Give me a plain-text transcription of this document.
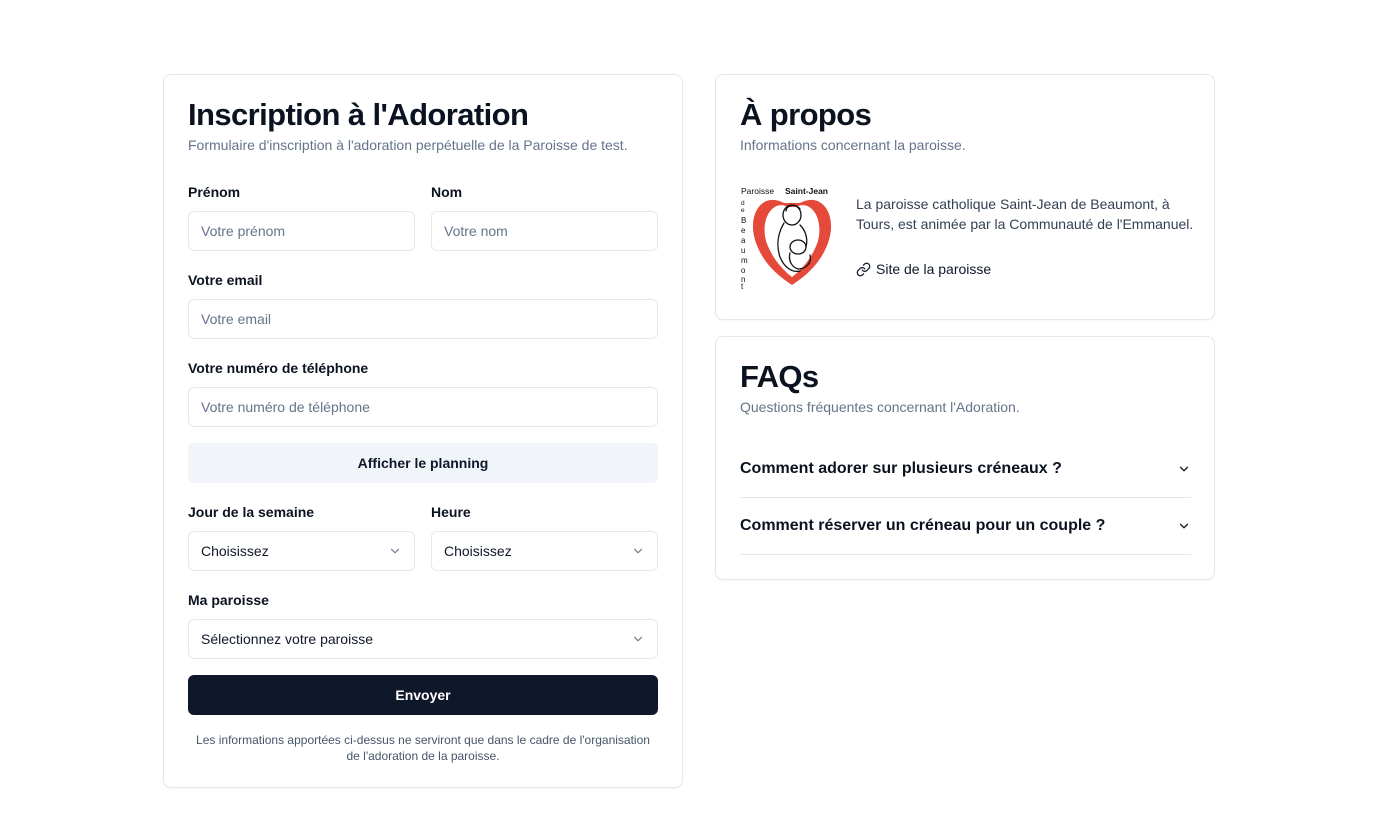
Inscription à l'Adoration
Formulaire d'inscription à l'adoration perpétuelle de la Paroisse de test.
Prénom
Votre prénom	Nom
Votre nom
Votre email
Votre email
Votre numéro de téléphone
Votre numéro de téléphone
Afficher le planning
Jour de la semaine
Choisissez
Heure
Choisissez
Ma paroisse
Sélectionnez votre paroisse
Envoyer
Les informations apportées ci-dessus ne serviront que dans le cadre de l'organisation de l'adoration de la paroisse.
À propos
Informations concernant la paroisse.
Paroisse Saint-Jean
d
e
B
e
a
u
m
o
n
t
La paroisse catholique Saint-Jean de Beaumont, à Tours, est animée par la Communauté de l'Emmanuel.
Site de la paroisse
FAQs
Questions fréquentes concernant l'Adoration.
Comment adorer sur plusieurs créneaux ?
Comment réserver un créneau pour un couple ?
